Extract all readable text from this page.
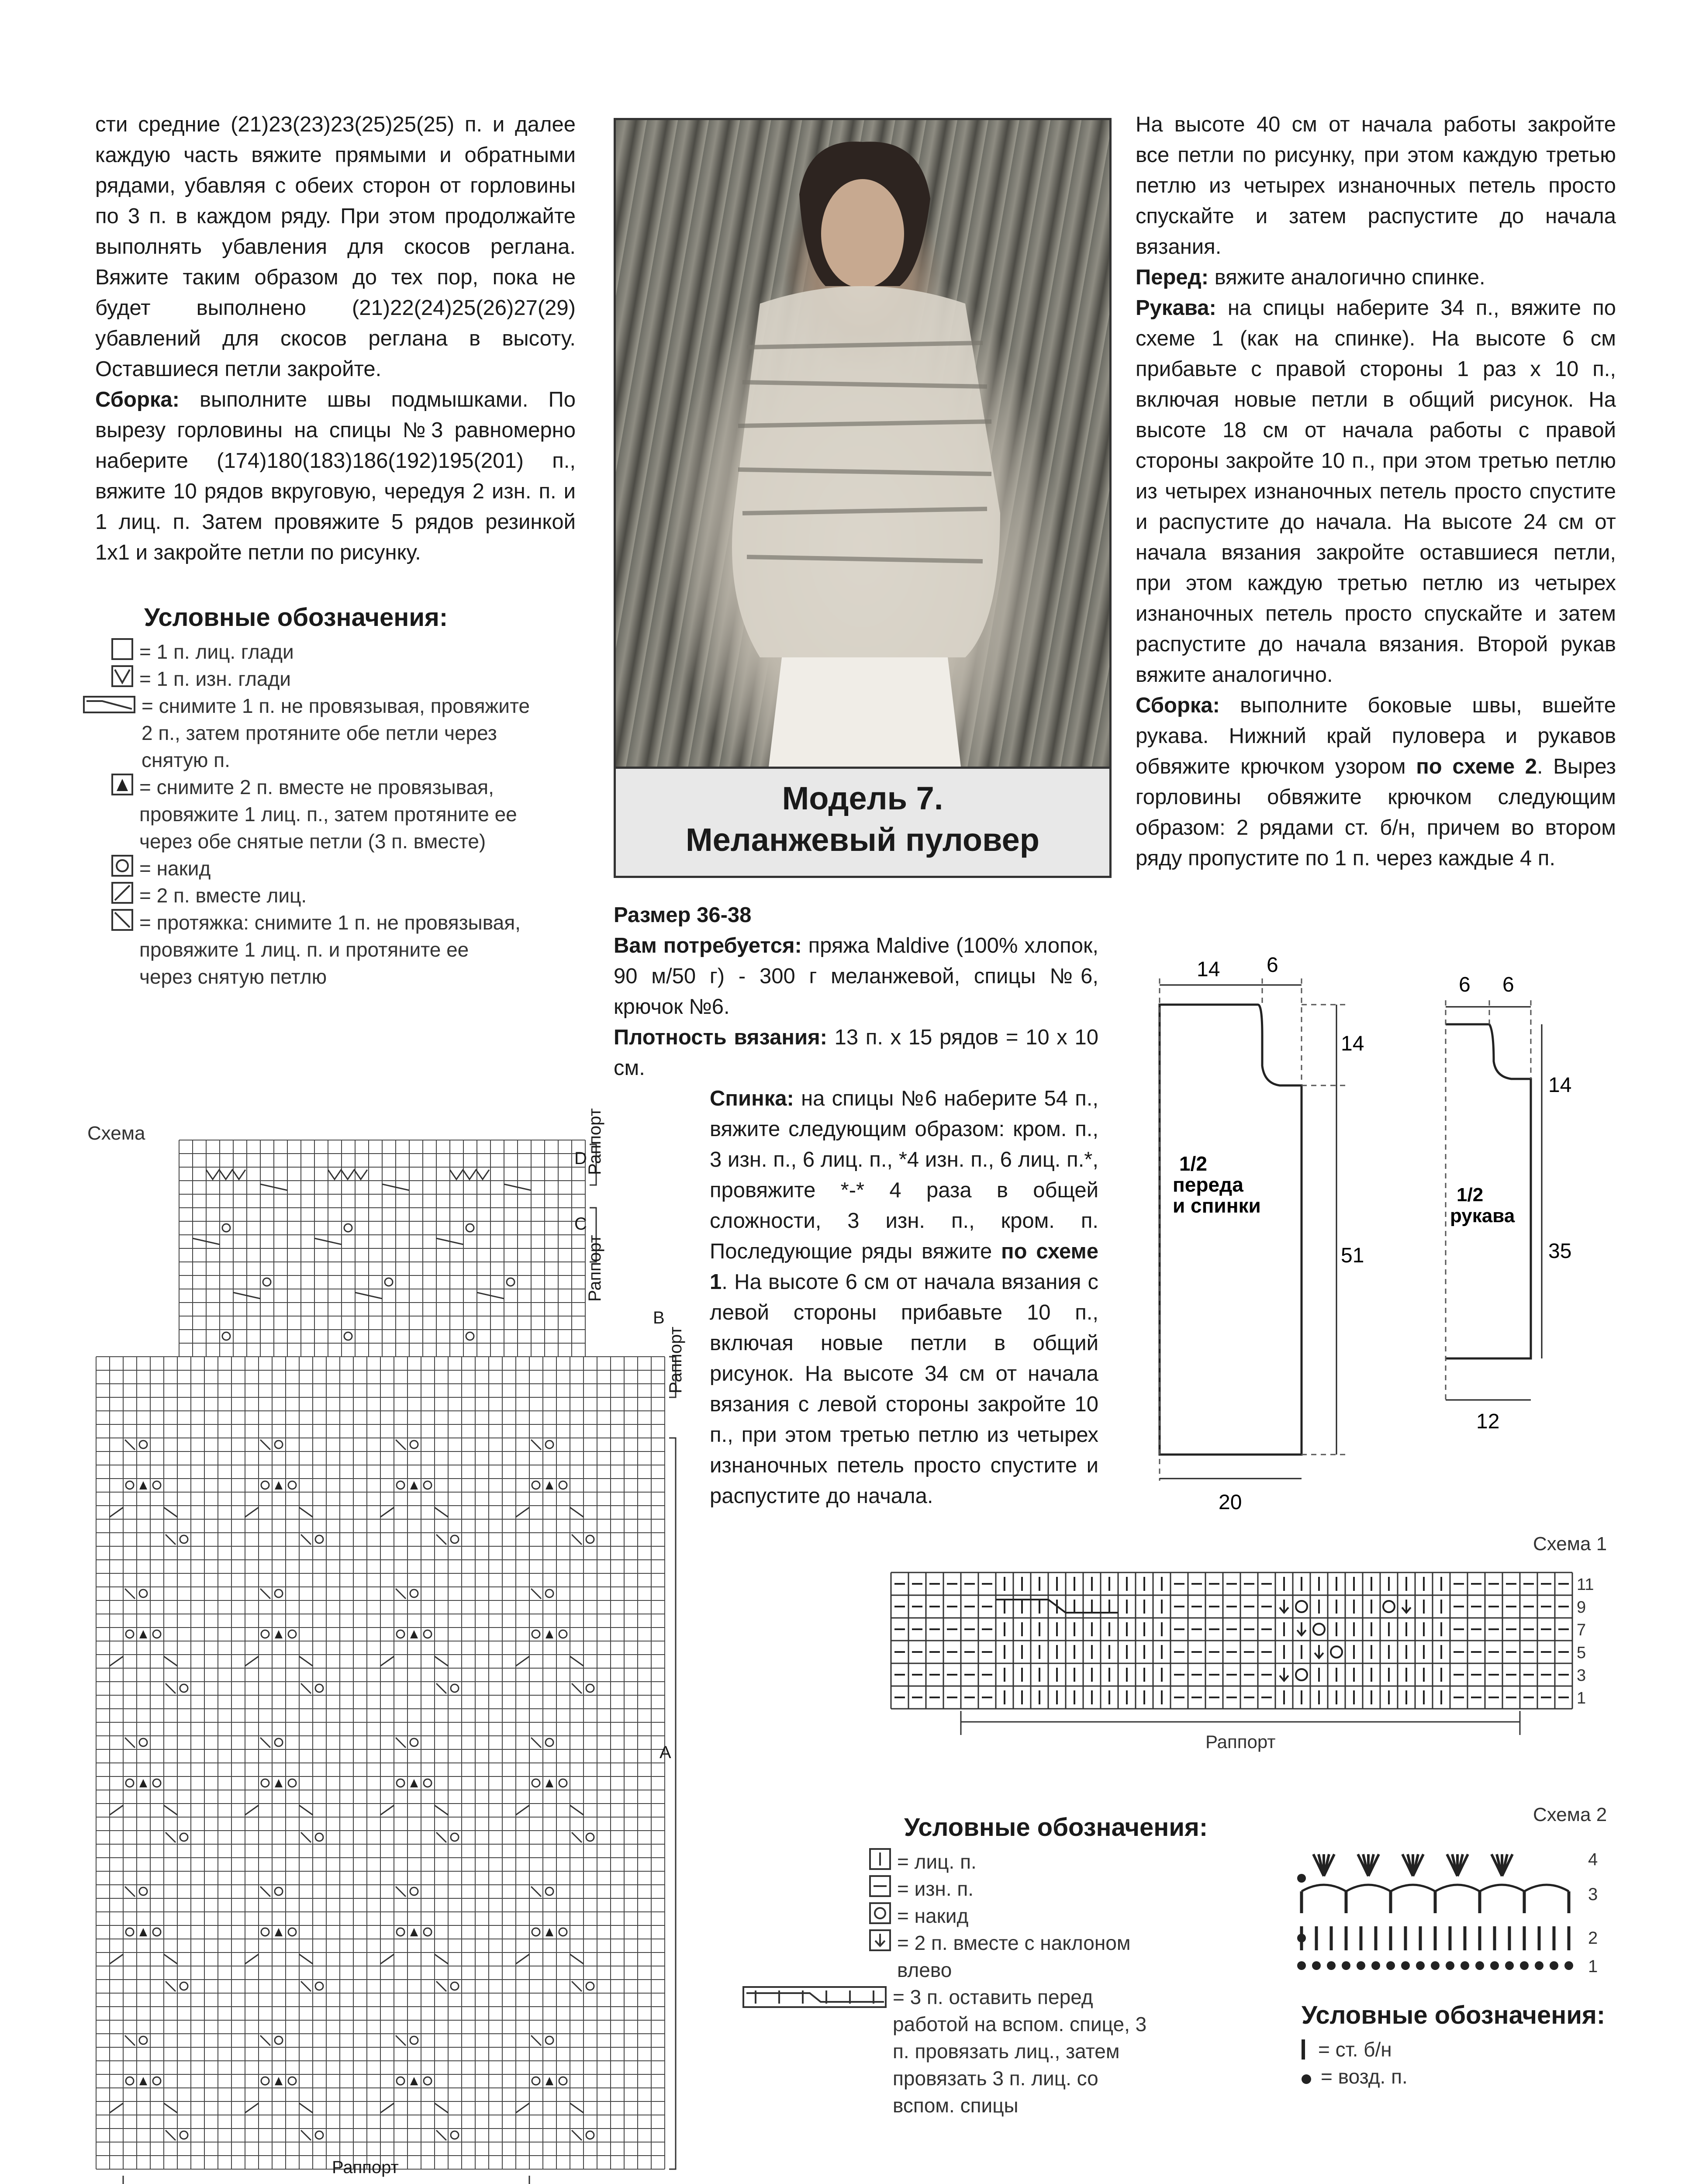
сти средние (21)23(23)23(25)25(25) п. и далее каждую часть вяжите прямыми и обратными рядами, убавляя с обеих сторон от горловины по 3 п. в каждом ряду. При этом продолжайте выполнять убавления для скосов реглана. Вяжите таким образом до тех пор, пока не будет выполнено (21)22(24)25(26)27(29) убавлений для скосов реглана в высоту. Оставшиеся петли закройте.

Сборка: выполните швы подмышками. По вырезу горловины на спицы №3 равномерно наберите (174)180(183)186(192)195(201) п., вяжите 10 рядов вкруговую, чередуя 2 изн. п. и 1 лиц. п. Затем провяжите 5 рядов резинкой 1х1 и закройте петли по рисунку.

Условные обозначения:
= 1 п. лиц. глади
= 1 п. изн. глади
= снимите 1 п. не провязывая, провяжите 2 п., затем протяните обе петли через снятую п.
= снимите 2 п. вместе не провязывая, провяжите 1 лиц. п., затем протяните ее через обе снятые петли (3 п. вместе)
= накид
= 2 п. вместе лиц.
= протяжка: снимите 1 п. не провязывая, провяжите 1 лиц. п. и протяните ее через снятую петлю
Схема
D
C
B
A
Раппорт
Раппорт
Раппорт
Раппорт
Модель 7.
Меланжевый пуловер
Размер 36-38

Вам потребуется: пряжа Maldive (100% хлопок, 90 м/50 г) - 300 г меланжевой, спицы №6, крючок №6.

Плотность вязания: 13 п. х 15 рядов = 10 х 10 см.

Спинка: на спицы №6 наберите 54 п., вяжите следующим образом: кром. п., 3 изн. п., 6 лиц. п., *4 изн. п., 6 лиц. п.*, провяжите *-* 4 раза в общей сложности, 3 изн. п., кром. п. Последующие ряды вяжите по схеме 1. На высоте 6 см от начала вязания с левой стороны прибавьте 10 п., включая новые петли в общий рисунок. На высоте 34 см от начала вязания с левой стороны закройте 10 п., при этом третью петлю из четырех изнаночных петель просто спустите и распустите до начала.

На высоте 40 см от начала работы закройте все петли по рисунку, при этом каждую третью петлю из четырех изнаночных петель просто спускайте и затем распустите до начала вязания.

Перед: вяжите аналогично спинке.

Рукава: на спицы наберите 34 п., вяжите по схеме 1 (как на спинке). На высоте 6 см прибавьте с правой стороны 1 раз х 10 п., включая новые петли в общий рисунок. На высоте 18 см от начала работы с правой стороны закройте 10 п., при этом третью петлю из четырех изнаночных петель просто спустите и распустите до начала. На высоте 24 см от начала вязания закройте оставшиеся петли, при этом каждую третью петлю из четырех изнаночных петель просто спускайте и затем распустите до начала вязания. Второй рукав вяжите аналогично.

Сборка: выполните боковые швы, вшейте рукава. Нижний край пуловера и рукавов обвяжите крючком узором по схеме 2. Вырез горловины обвяжите крючком следующим образом: 2 рядами ст. б/н, причем во втором ряду пропустите по 1 п. через каждые 4 п.

14 6
14
51
20
1/2 переда и спинки
6 6
14
35
12
1/2 рукава
Схема 1
11
9
7
5
3
1
Раппорт
Условные обозначения:
= лиц. п.
= изн. п.
= накид
= 2 п. вместе с наклоном влево
= 3 п. оставить перед работой на вспом. спице, 3 п. провязать лиц., затем провязать 3 п. лиц. со вспом. спицы
Схема 2
4
3
2
1
Условные обозначения:
= ст. б/н
= возд. п.
